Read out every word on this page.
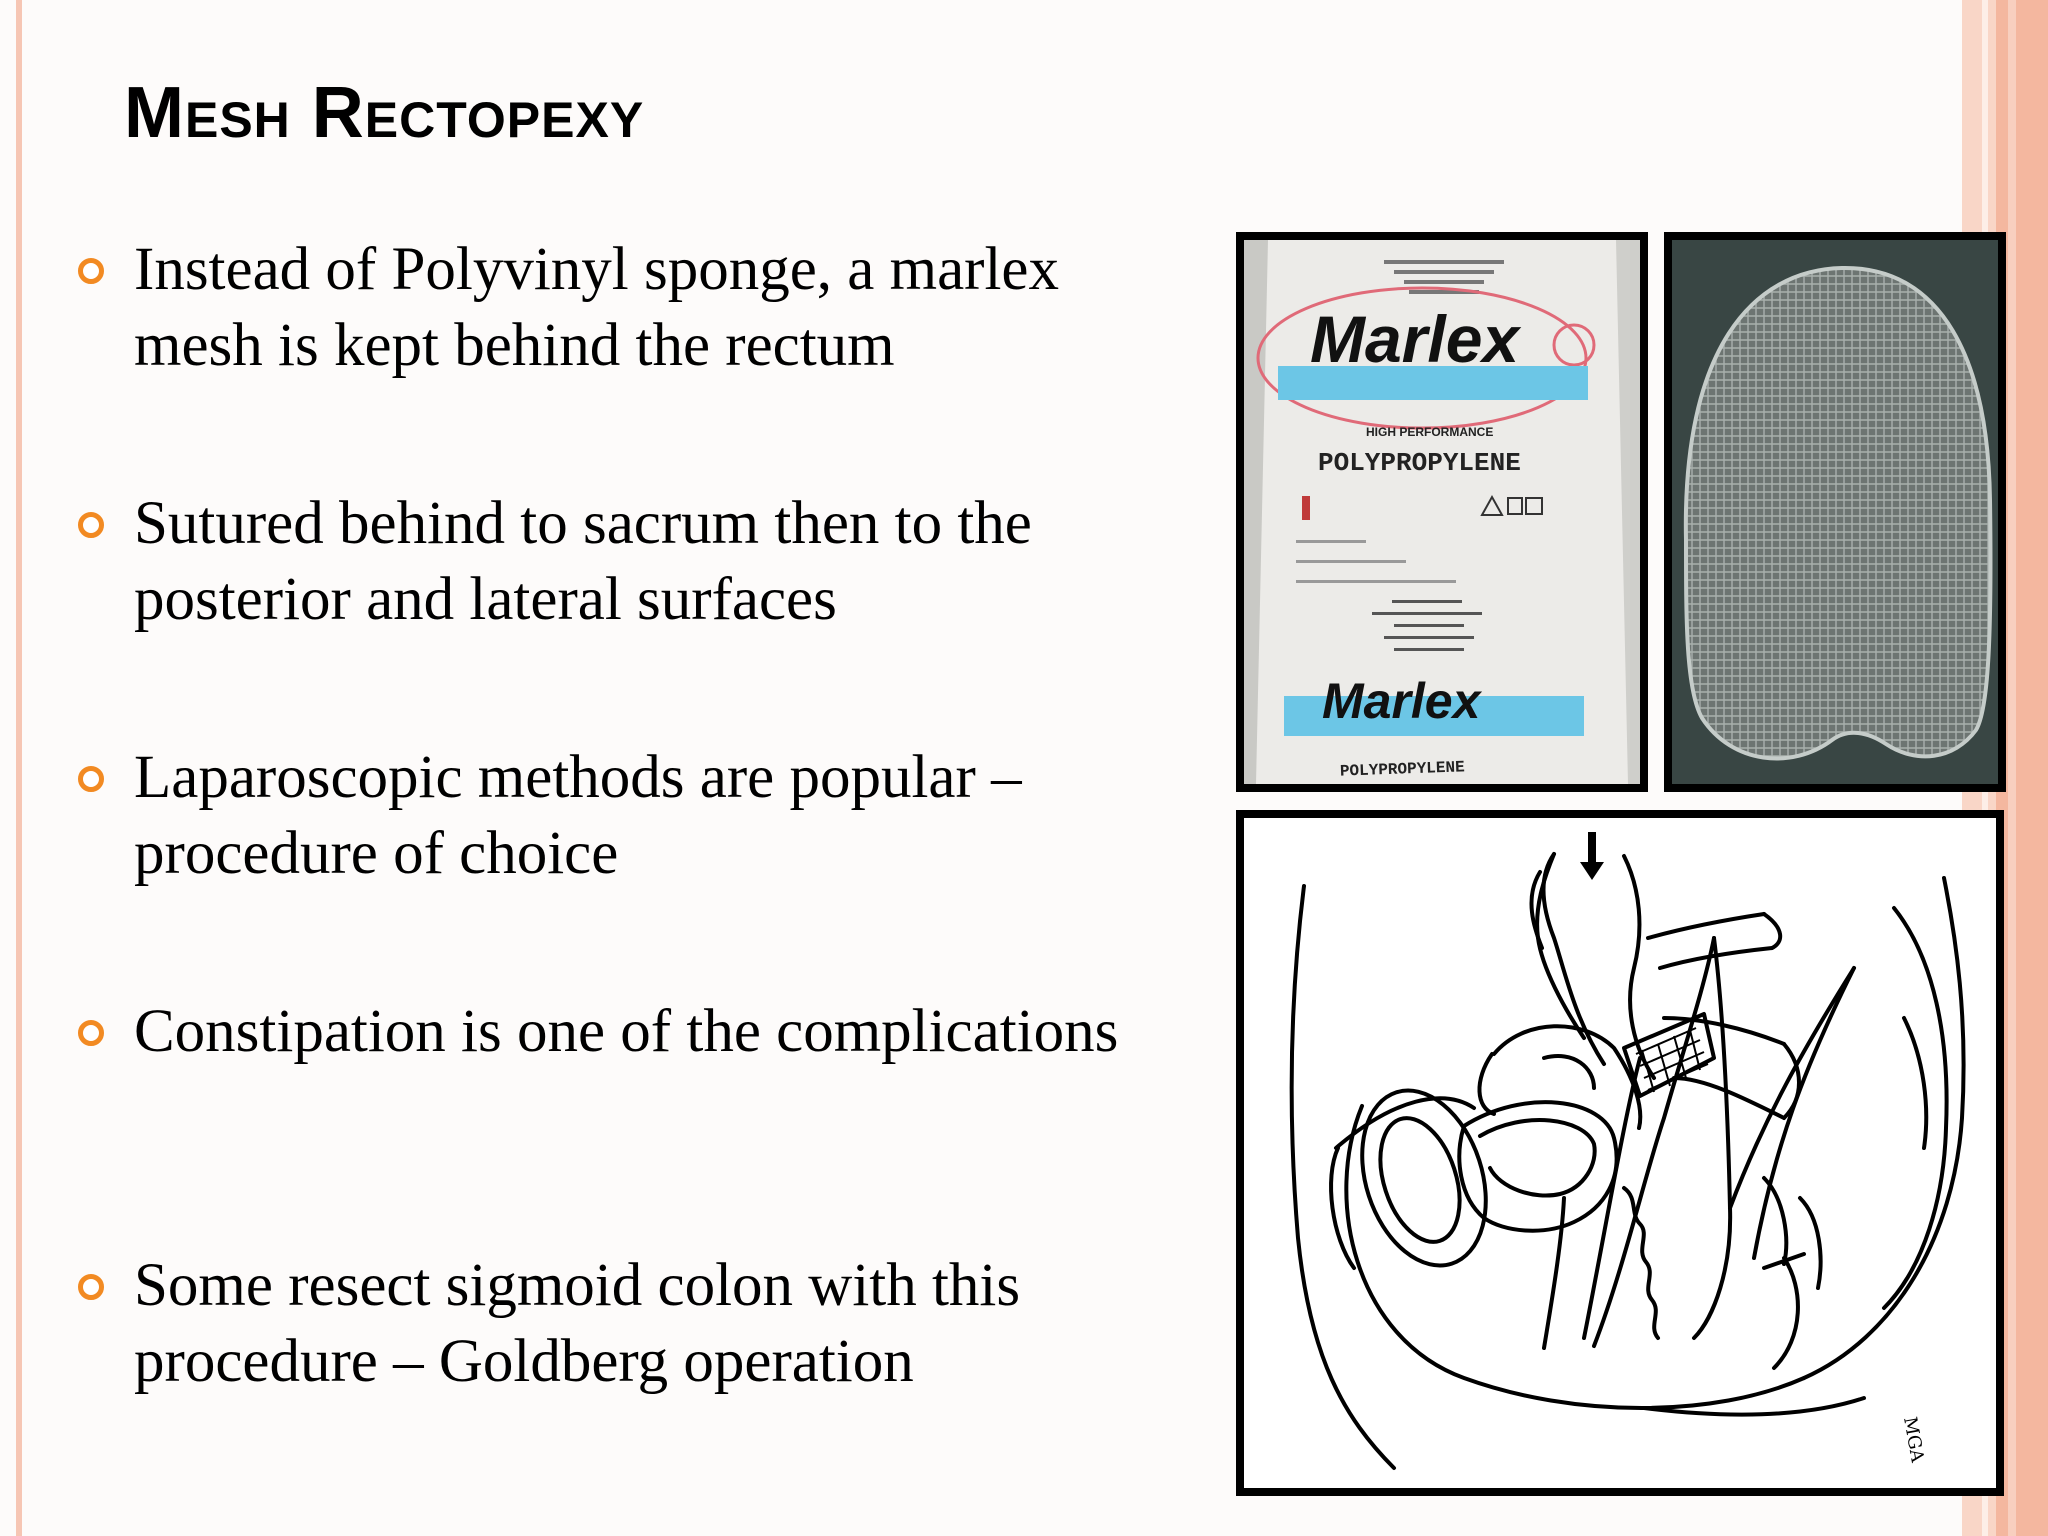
Mesh Rectopexy
Instead of Polyvinyl sponge, a marlex mesh is kept behind the rectum
Sutured behind to sacrum then to the posterior and lateral surfaces
Laparoscopic methods are popular – procedure of choice
Constipation is one of the complications
Some resect sigmoid colon with this procedure – Goldberg operation
Marlex
HIGH PERFORMANCE
POLYPROPYLENE
Marlex
POLYPROPYLENE
MGA
